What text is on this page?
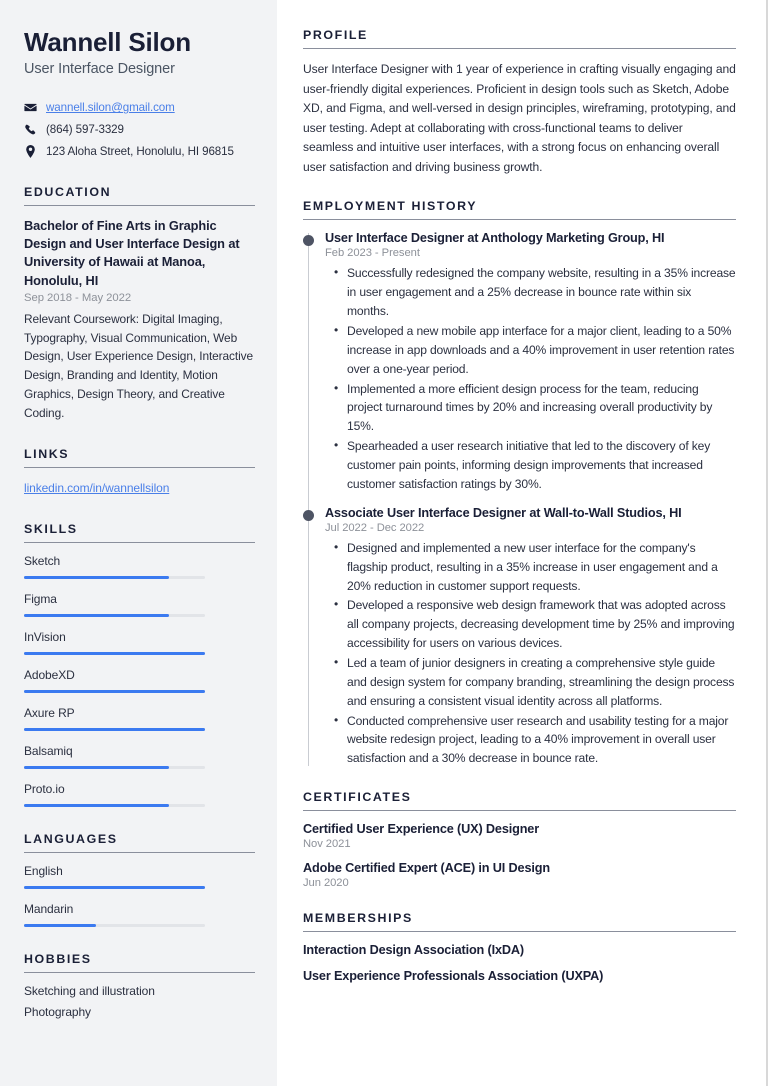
Wannell Silon
User Interface Designer
wannell.silon@gmail.com
(864) 597-3329
123 Aloha Street, Honolulu, HI 96815
EDUCATION
Bachelor of Fine Arts in Graphic Design and User Interface Design at University of Hawaii at Manoa, Honolulu, HI
Sep 2018 - May 2022
Relevant Coursework: Digital Imaging, Typography, Visual Communication, Web Design, User Experience Design, Interactive Design, Branding and Identity, Motion Graphics, Design Theory, and Creative Coding.
LINKS
linkedin.com/in/wannellsilon
SKILLS
Sketch
Figma
InVision
AdobeXD
Axure RP
Balsamiq
Proto.io
LANGUAGES
English
Mandarin
HOBBIES
Sketching and illustration
Photography
PROFILE

User Interface Designer with 1 year of experience in crafting visually engaging and user-friendly digital experiences. Proficient in design tools such as Sketch, Adobe XD, and Figma, and well-versed in design principles, wireframing, prototyping, and user testing. Adept at collaborating with cross-functional teams to deliver seamless and intuitive user interfaces, with a strong focus on enhancing overall user satisfaction and driving business growth.

EMPLOYMENT HISTORY
User Interface Designer at Anthology Marketing Group, HI
Feb 2023 - Present
• Successfully redesigned the company website, resulting in a 35% increase in user engagement and a 25% decrease in bounce rate within six months.
• Developed a new mobile app interface for a major client, leading to a 50% increase in app downloads and a 40% improvement in user retention rates over a one-year period.
• Implemented a more efficient design process for the team, reducing project turnaround times by 20% and increasing overall productivity by 15%.
• Spearheaded a user research initiative that led to the discovery of key customer pain points, informing design improvements that increased customer satisfaction ratings by 30%.
Associate User Interface Designer at Wall-to-Wall Studios, HI
Jul 2022 - Dec 2022
• Designed and implemented a new user interface for the company's flagship product, resulting in a 35% increase in user engagement and a 20% reduction in customer support requests.
• Developed a responsive web design framework that was adopted across all company projects, decreasing development time by 25% and improving accessibility for users on various devices.
• Led a team of junior designers in creating a comprehensive style guide and design system for company branding, streamlining the design process and ensuring a consistent visual identity across all platforms.
• Conducted comprehensive user research and usability testing for a major website redesign project, leading to a 40% improvement in overall user satisfaction and a 30% decrease in bounce rate.
CERTIFICATES
Certified User Experience (UX) Designer
Nov 2021
Adobe Certified Expert (ACE) in UI Design
Jun 2020
MEMBERSHIPS
Interaction Design Association (IxDA)
User Experience Professionals Association (UXPA)
